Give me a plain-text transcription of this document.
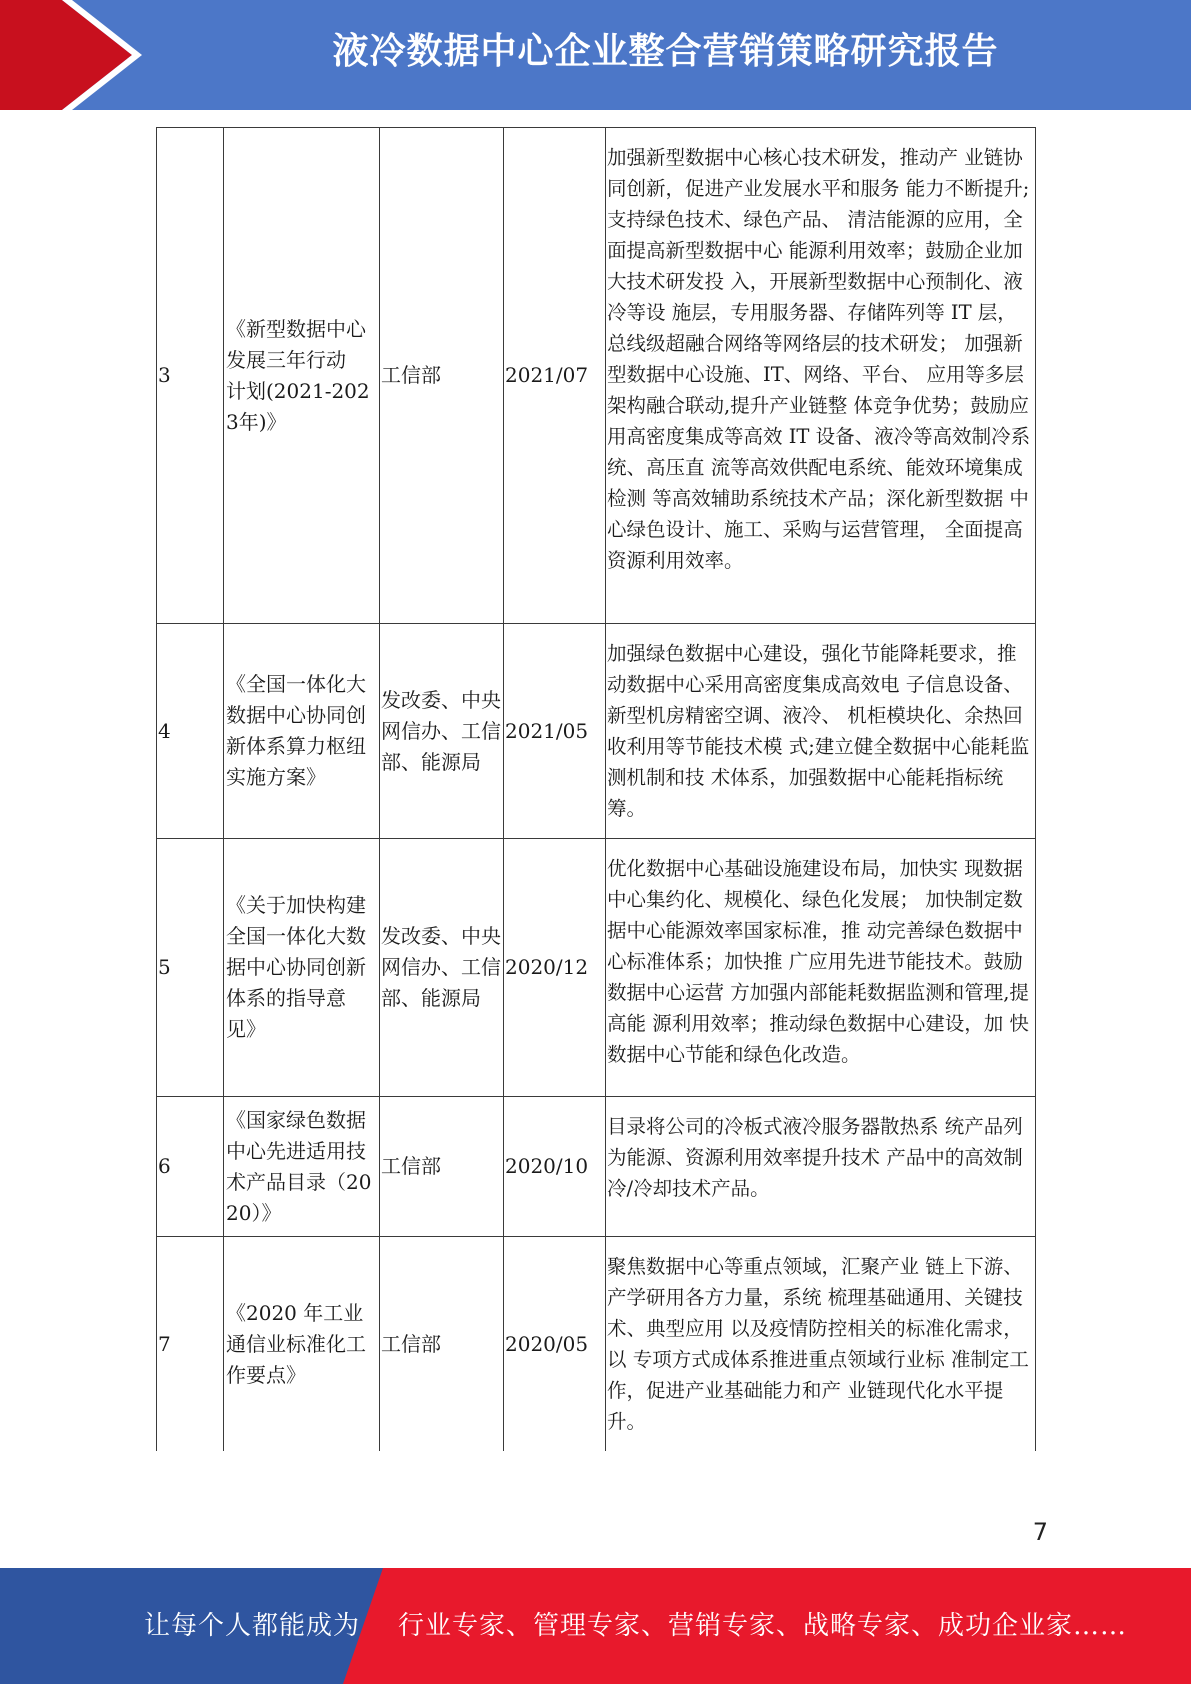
液冷数据中心企业整合营销策略研究报告
3	《新型数据中心发展三年行动　计划(2021-2023年)》	工信部	2021/07	加强新型数据中心核心技术研发，推动产 业链协同创新，促进产业发展水平和服务 能力不断提升;支持绿色技术、绿色产品、 清洁能源的应用，全面提高新型数据中心 能源利用效率；鼓励企业加大技术研发投 入，开展新型数据中心预制化、液冷等设 施层，专用服务器、存储阵列等 IT 层， 总线级超融合网络等网络层的技术研发； 加强新型数据中心设施、IT、网络、平台、 应用等多层架构融合联动,提升产业链整 体竞争优势；鼓励应用高密度集成等高效 IT 设备、液冷等高效制冷系统、高压直 流等高效供配电系统、能效环境集成检测 等高效辅助系统技术产品；深化新型数据 中心绿色设计、施工、采购与运营管理， 全面提高资源利用效率。
4	《全国一体化大数据中心协同创新体系算力枢纽实施方案》	发改委、中央网信办、工信部、能源局	2021/05	加强绿色数据中心建设，强化节能降耗要求，推动数据中心采用高密度集成高效电 子信息设备、新型机房精密空调、液冷、 机柜模块化、余热回收利用等节能技术模 式;建立健全数据中心能耗监测机制和技 术体系，加强数据中心能耗指标统筹。
5	《关于加快构建全国一体化大数据中心协同创新体系的指导意见》	发改委、中央网信办、工信部、能源局	2020/12	优化数据中心基础设施建设布局，加快实 现数据中心集约化、规模化、绿色化发展； 加快制定数据中心能源效率国家标准，推 动完善绿色数据中心标准体系；加快推 广应用先进节能技术。鼓励数据中心运营 方加强内部能耗数据监测和管理,提高能 源利用效率；推动绿色数据中心建设，加 快数据中心节能和绿色化改造。
6	《国家绿色数据中心先进适用技术产品目录（2020）》	工信部	2020/10	目录将公司的冷板式液冷服务器散热系 统产品列为能源、资源利用效率提升技术 产品中的高效制冷/冷却技术产品。
7	《2020 年工业通信业标准化工作要点》	工信部	2020/05	聚焦数据中心等重点领域，汇聚产业 链上下游、产学研用各方力量，系统 梳理基础通用、关键技术、典型应用 以及疫情防控相关的标准化需求，以 专项方式成体系推进重点领域行业标 准制定工作，促进产业基础能力和产 业链现代化水平提升。
7
让每个人都能成为 行业专家、管理专家、营销专家、战略专家、成功企业家……
